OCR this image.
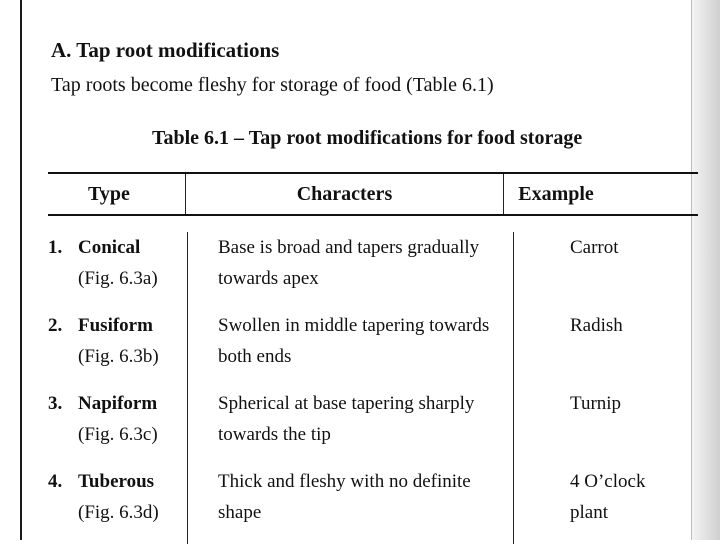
A. Tap root modifications
Tap roots become fleshy for storage of food (Table 6.1)
Table 6.1 – Tap root modifications for food storage
Type	Characters	Example
1. Conical
(Fig. 6.3a)
Base is broad and tapers gradually
towards apex
Carrot
2. Fusiform
(Fig. 6.3b)
Swollen in middle tapering towards
both ends
Radish
3. Napiform
(Fig. 6.3c)
Spherical at base tapering sharply
towards the tip
Turnip
4. Tuberous
(Fig. 6.3d)
Thick and fleshy with no definite
shape
4 O’clock
plant
